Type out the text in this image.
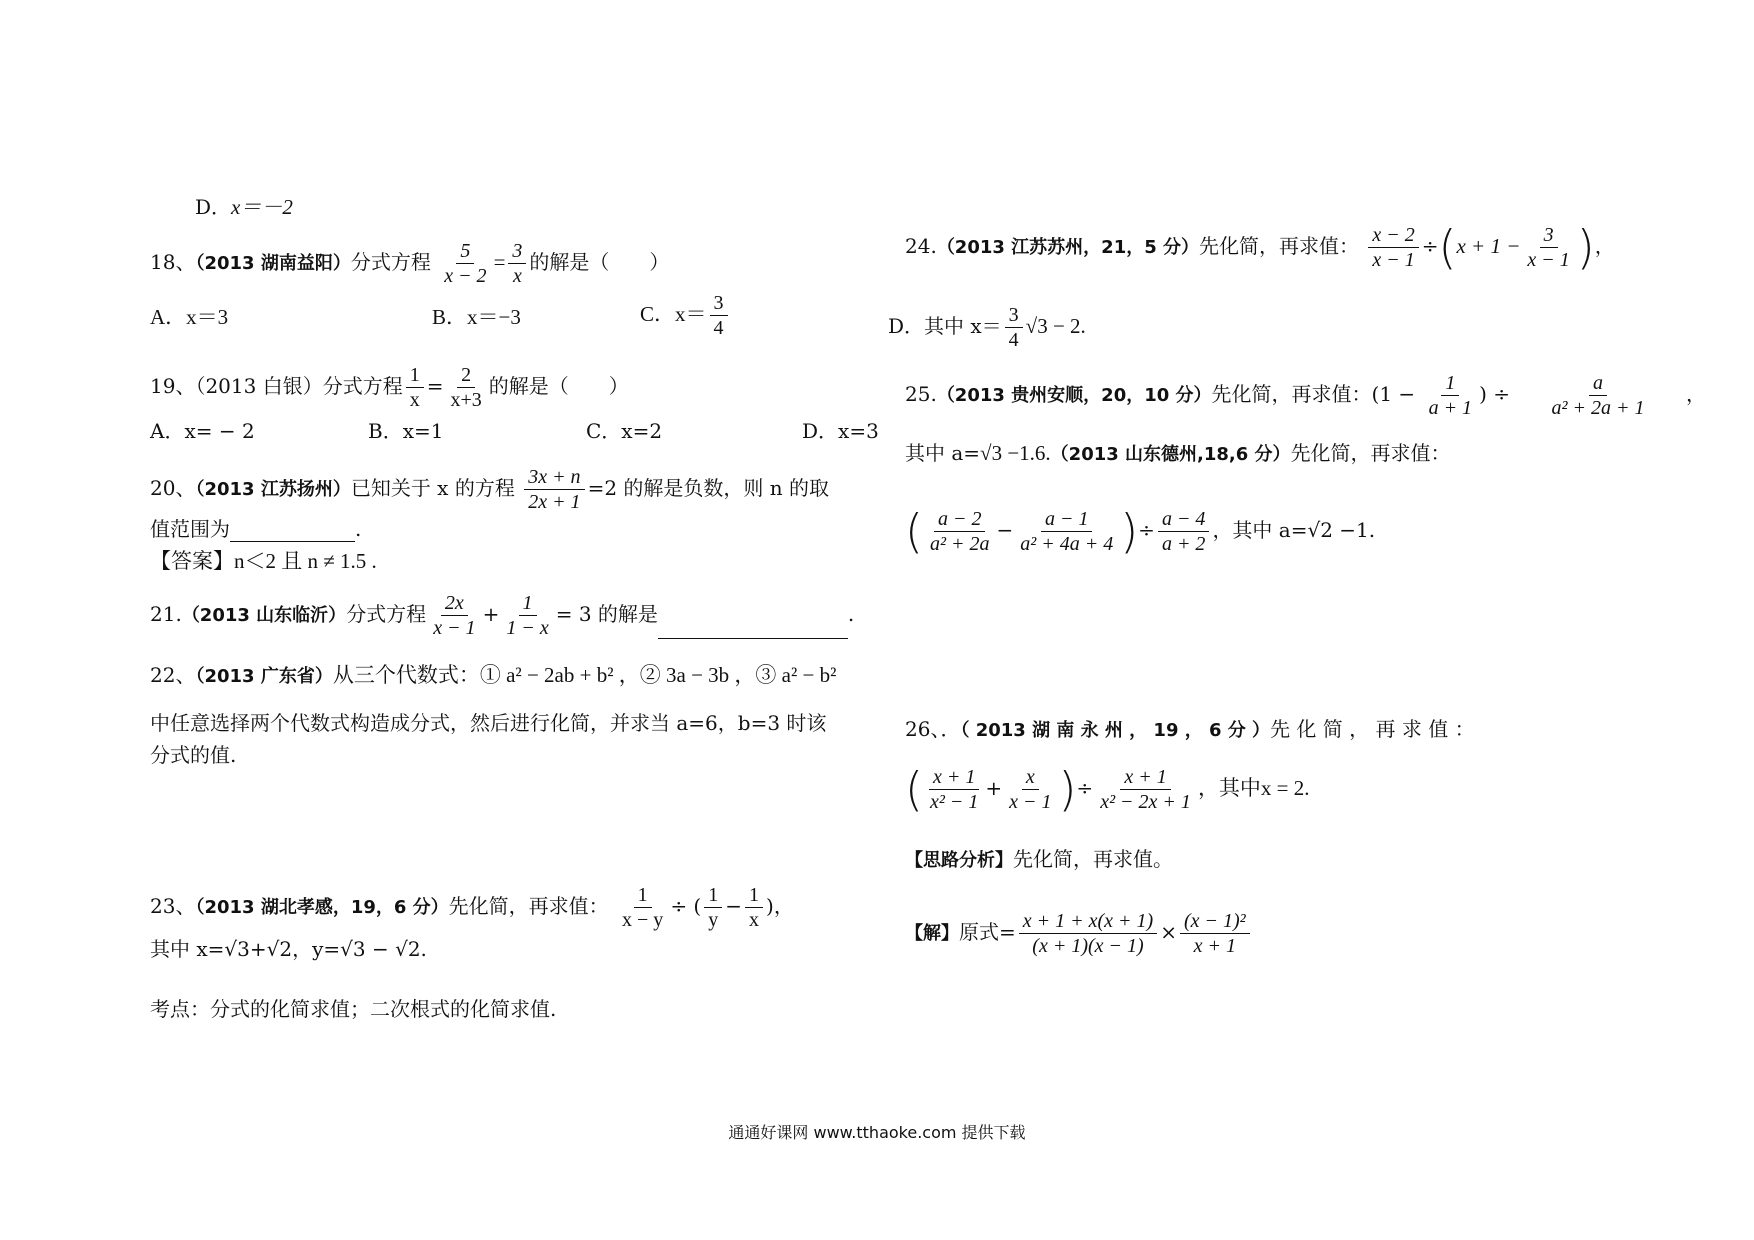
D．x＝－2
18、（2013 湖南益阳）分式方程 $\frac{5}{x - 2} = \frac{3}{x}$ 的解是（　　）
A．x＝3	B．x＝−3	C．$x= \frac{3}{4}$
19、（2013 白银）分式方程 $\frac{1}{x} = \frac{2}{x+3}$ 的解是（　　）
A．x= − 2	B．x=1	C．x=2	D．x=3
20、（2013 江苏扬州）已知关于 x 的方程 $\frac{3x + n}{2x + 1} =2$ 的解是负数，则 n 的取
值范围为	.
【答案】n＜2 且 n ≠ 1.5 .
21.（2013 山东临沂）分式方程 $\frac{2x}{x - 1} + \frac{1}{1 - x} = 3$ 的解是	.
22、（2013 广东省）从三个代数式：① a² − 2ab + b² ，② 3a − 3b ，③ a² − b²
中任意选择两个代数式构造成分式，然后进行化简，并求当 a=6，b=3 时该
分式的值.
23、（2013 湖北孝感，19，6 分）先化简，再求值： $\frac{1}{x - y}$ ÷ ( $\frac{1}{y} - \frac{1}{x}$ )，
其中 x=√3+√2，y=√3 − √2.
考点：分式的化简求值；二次根式的化简求值.
24.（2013 江苏苏州，21，5 分）先化简，再求值： $\frac{x - 2}{x - 1} \div(x + 1 - \frac{3}{x - 1}$ )，
D．其中 $x= \frac{3}{4} √3 - 2$.
25.（2013 贵州安顺，20，10 分）先化简，再求值：($1 - \frac{1}{a + 1}$ ) ÷ $\frac{a}{\text{a² + 2a + 1}}$ ，
其中 a=√3 −1.6.（2013 山东德州,18,6 分）先化简，再求值：
( $\frac{a - 2}{\text{a² + 2a}} - \frac{a - 1}{\text{a² + 4a + 4}}$ )÷ $\frac{a - 4}{a + 2}$ ，其中 a=√2 −1.
26、．（ 2013 湖 南 永 州 ， 19 ， 6 分 ）先 化 简 ， 再 求 值 ：
( $\frac{x + 1}{\text{x² − 1}} + \frac{x}{x - 1}$ )÷ $\frac{x + 1}{\text{x² − 2x + 1}}$ ，其中x = 2.
【思路分析】先化简，再求值。
【解】原式= $\frac{x + 1 + x(x + 1)}{(x + 1)(x - 1)} \times \frac{\text{(x − 1)²}}{x + 1}$
通通好课网 www.tthaoke.com 提供下载
